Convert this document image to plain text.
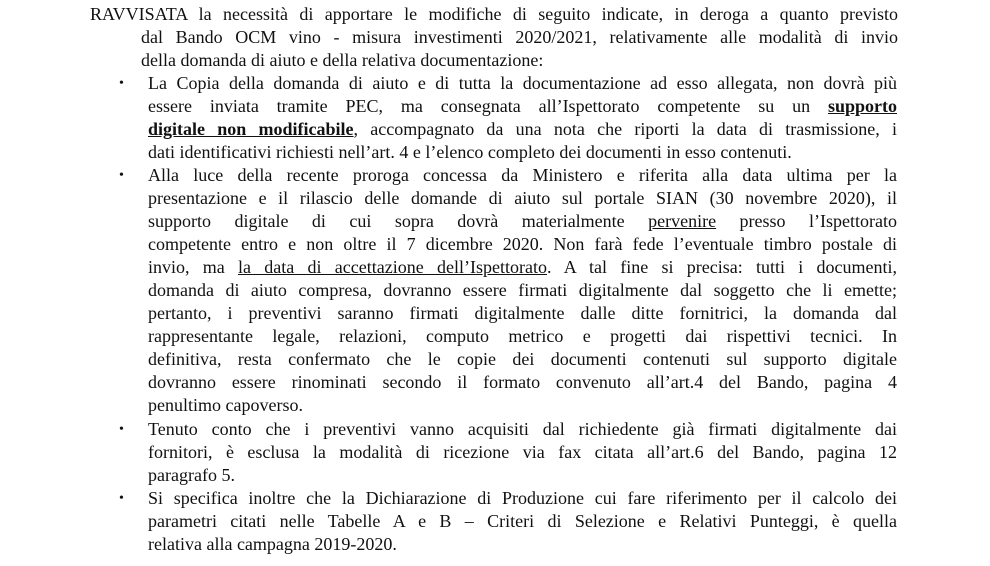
RAVVISATA la necessità di apportare le modifiche di seguito indicate, in deroga a quanto previsto
dal Bando OCM vino - misura investimenti 2020/2021, relativamente alle modalità di invio
della domanda di aiuto e della relativa documentazione:
• La Copia della domanda di aiuto e di tutta la documentazione ad esso allegata, non dovrà più
essere inviata tramite PEC, ma consegnata all’Ispettorato competente su un supporto
digitale non modificabile, accompagnato da una nota che riporti la data di trasmissione, i
dati identificativi richiesti nell’art. 4 e l’elenco completo dei documenti in esso contenuti.
• Alla luce della recente proroga concessa da Ministero e riferita alla data ultima per la
presentazione e il rilascio delle domande di aiuto sul portale SIAN (30 novembre 2020), il
supporto digitale di cui sopra dovrà materialmente pervenire presso l’Ispettorato
competente entro e non oltre il 7 dicembre 2020. Non farà fede l’eventuale timbro postale di
invio, ma la data di accettazione dell’Ispettorato. A tal fine si precisa: tutti i documenti,
domanda di aiuto compresa, dovranno essere firmati digitalmente dal soggetto che li emette;
pertanto, i preventivi saranno firmati digitalmente dalle ditte fornitrici, la domanda dal
rappresentante legale, relazioni, computo metrico e progetti dai rispettivi tecnici. In
definitiva, resta confermato che le copie dei documenti contenuti sul supporto digitale
dovranno essere rinominati secondo il formato convenuto all’art.4 del Bando, pagina 4
penultimo capoverso.
• Tenuto conto che i preventivi vanno acquisiti dal richiedente già firmati digitalmente dai
fornitori, è esclusa la modalità di ricezione via fax citata all’art.6 del Bando, pagina 12
paragrafo 5.
• Si specifica inoltre che la Dichiarazione di Produzione cui fare riferimento per il calcolo dei
parametri citati nelle Tabelle A e B – Criteri di Selezione e Relativi Punteggi, è quella
relativa alla campagna 2019-2020.
